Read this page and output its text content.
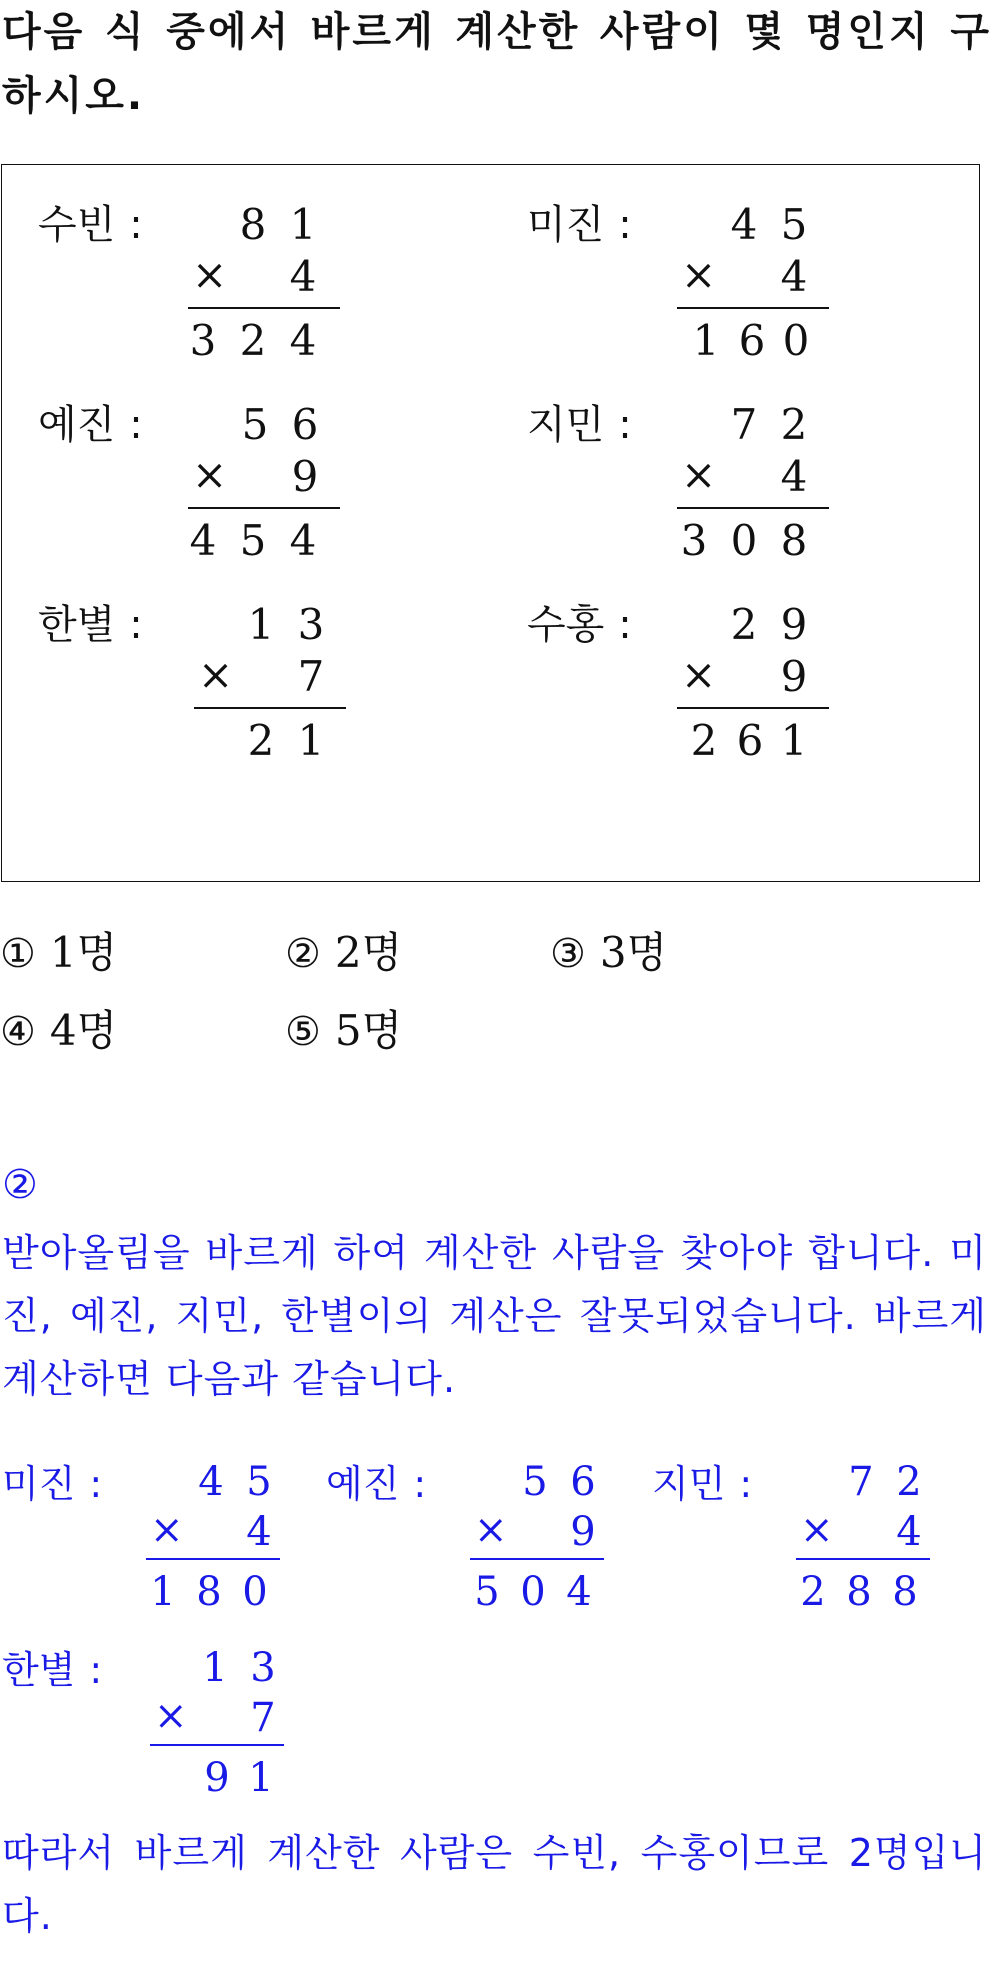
다음 식 중에서 바르게 계산한 사람이 몇 명인지 구하시오.
수빈 : 8 1
× 4
3 2 4
미진 : 4 5
× 4
1 6 0
예진 : 5 6
× 9
4 5 4
지민 : 7 2
× 4
3 0 8
한별 : 1 3
× 7
2 1
수홍 : 2 9
× 9
2 6 1
① 1명	② 2명	③ 3명
④ 4명	⑤ 5명
②
받아올림을 바르게 하여 계산한 사람을 찾아야 합니다. 미진, 예진, 지민, 한별이의 계산은 잘못되었습니다. 바르게 계산하면 다음과 같습니다.
미진 : 4 5
× 4
1 8 0
예진 : 5 6
× 9
5 0 4
지민 : 7 2
× 4
2 8 8
한별 :	1 3
× 7
9 1
따라서 바르게 계산한 사람은 수빈, 수홍이므로 2명입니다.
